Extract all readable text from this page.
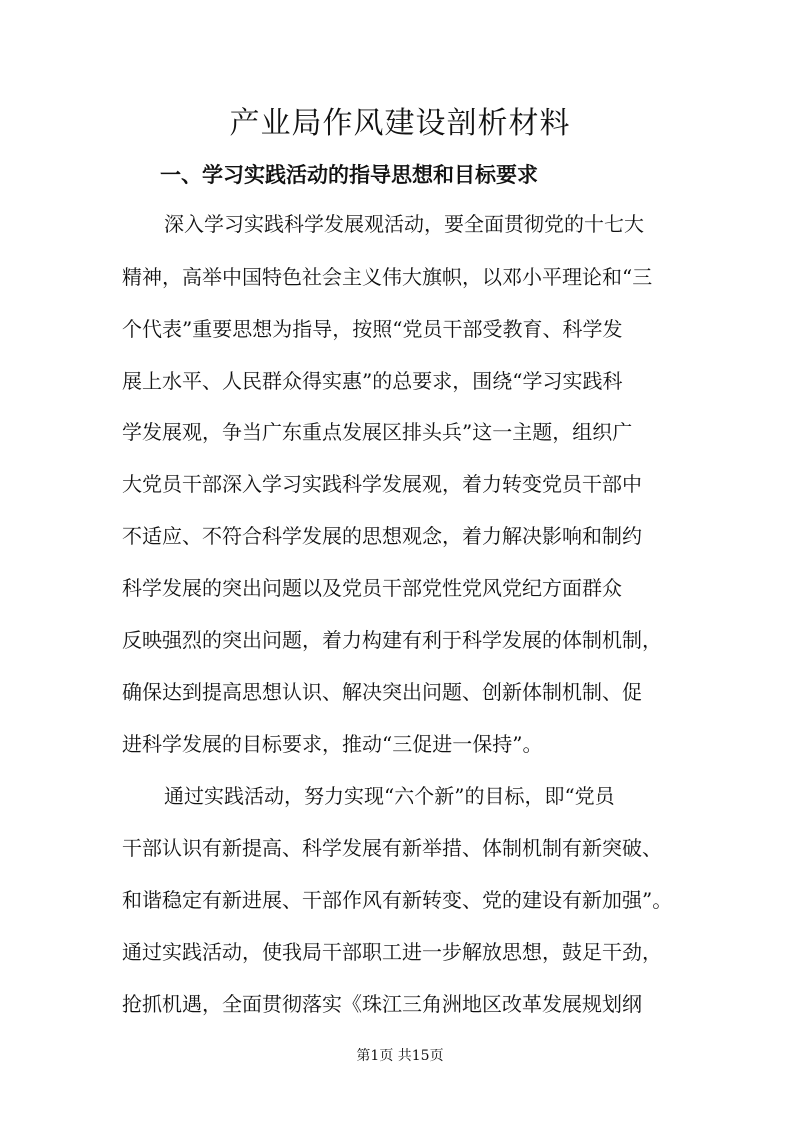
产业局作风建设剖析材料
一、学习实践活动的指导思想和目标要求
深入学习实践科学发展观活动，要全面贯彻党的十七大
精神，高举中国特色社会主义伟大旗帜，以邓小平理论和“三
个代表”重要思想为指导，按照“党员干部受教育、科学发
展上水平、人民群众得实惠”的总要求，围绕“学习实践科
学发展观，争当广东重点发展区排头兵”这一主题，组织广
大党员干部深入学习实践科学发展观，着力转变党员干部中
不适应、不符合科学发展的思想观念，着力解决影响和制约
科学发展的突出问题以及党员干部党性党风党纪方面群众
反映强烈的突出问题，着力构建有利于科学发展的体制机制，
确保达到提高思想认识、解决突出问题、创新体制机制、促
进科学发展的目标要求，推动“三促进一保持”。
通过实践活动，努力实现“六个新”的目标，即“党员
干部认识有新提高、科学发展有新举措、体制机制有新突破、
和谐稳定有新进展、干部作风有新转变、党的建设有新加强”。
通过实践活动，使我局干部职工进一步解放思想，鼓足干劲，
抢抓机遇，全面贯彻落实《珠江三角洲地区改革发展规划纲
第1页 共15页
